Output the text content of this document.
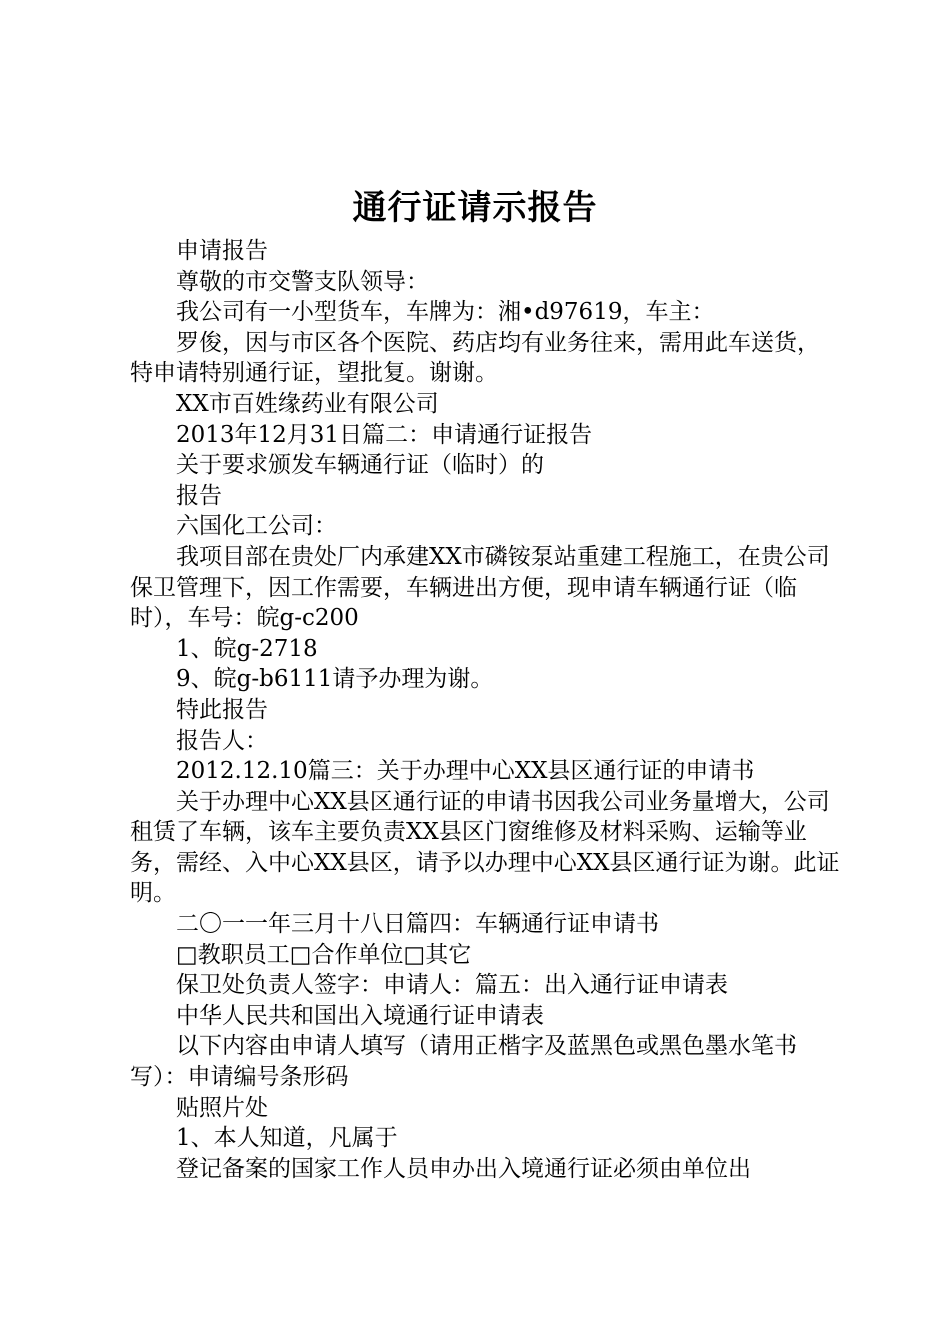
通行证请示报告

申请报告

尊敬的市交警支队领导：

我公司有一小型货车，车牌为：湘•d97619，车主：

罗俊，因与市区各个医院、药店均有业务往来，需用此车送货，特申请特别通行证，望批复。谢谢。

XX市百姓缘药业有限公司

2013年12月31日篇二：申请通行证报告

关于要求颁发车辆通行证（临时）的

报告

六国化工公司：

我项目部在贵处厂内承建XX市磷铵泵站重建工程施工，在贵公司保卫管理下，因工作需要，车辆进出方便，现申请车辆通行证（临时），车号：皖g-c200

1、皖g-2718

9、皖g-b6111请予办理为谢。

特此报告

报告人：

2012.12.10篇三：关于办理中心XX县区通行证的申请书

关于办理中心XX县区通行证的申请书因我公司业务量增大，公司租赁了车辆，该车主要负责XX县区门窗维修及材料采购、运输等业务，需经、入中心XX县区，请予以办理中心XX县区通行证为谢。此证明。

二〇一一年三月十八日篇四：车辆通行证申请书

□教职员工□合作单位□其它

保卫处负责人签字：申请人：篇五：出入通行证申请表

中华人民共和国出入境通行证申请表

以下内容由申请人填写（请用正楷字及蓝黑色或黑色墨水笔书写）：申请编号条形码

贴照片处

1、本人知道，凡属于

登记备案的国家工作人员申办出入境通行证必须由单位出
